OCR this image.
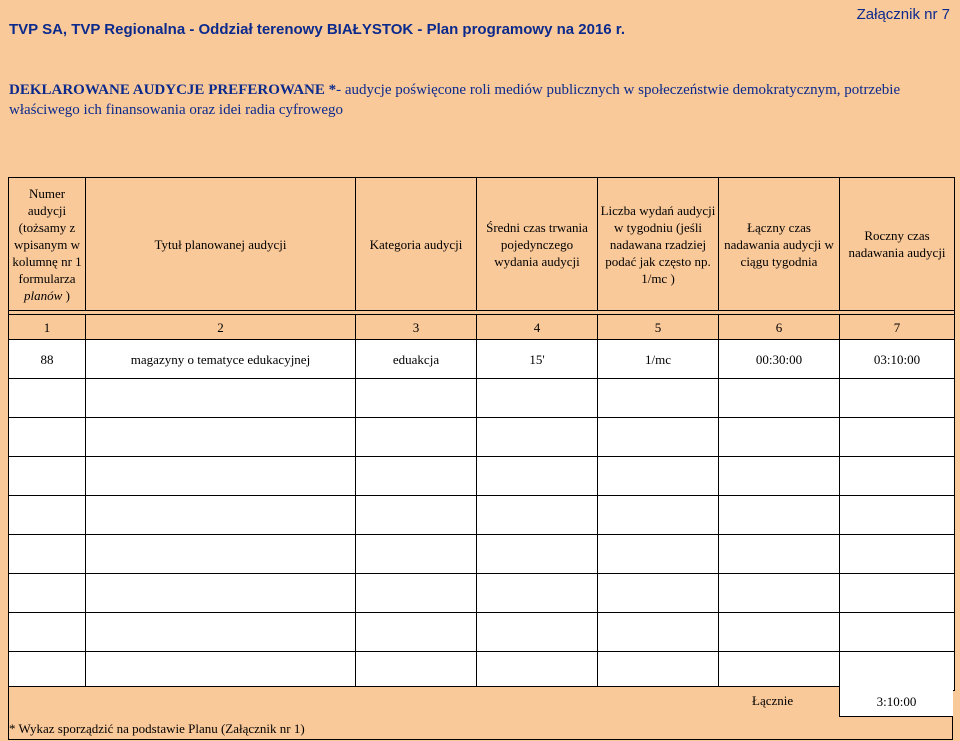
TVP SA, TVP Regionalna - Oddział terenowy BIAŁYSTOK - Plan programowy na 2016 r.
Załącznik nr 7
DEKLAROWANE AUDYCJE PREFEROWANE *- audycje poświęcone roli mediów publicznych w społeczeństwie demokratycznym, potrzebie właściwego ich finansowania oraz idei radia cyfrowego
Numer audycji (tożsamy z wpisanym w kolumnę nr 1 formularza planów )	Tytuł planowanej audycji	Kategoria audycji	Średni czas trwania pojedynczego wydania audycji	Liczba wydań audycji w tygodniu (jeśli nadawana rzadziej podać jak często np. 1/mc )	Łączny czas nadawania audycji w ciągu tygodnia	Roczny czas nadawania audycji

1	2	3	4	5	6	7
88	magazyny o tematyce edukacyjnej	eduakcja	15'	1/mc	00:30:00	03:10:00

Łącznie	3:10:00
* Wykaz sporządzić na podstawie Planu (Załącznik nr 1)
